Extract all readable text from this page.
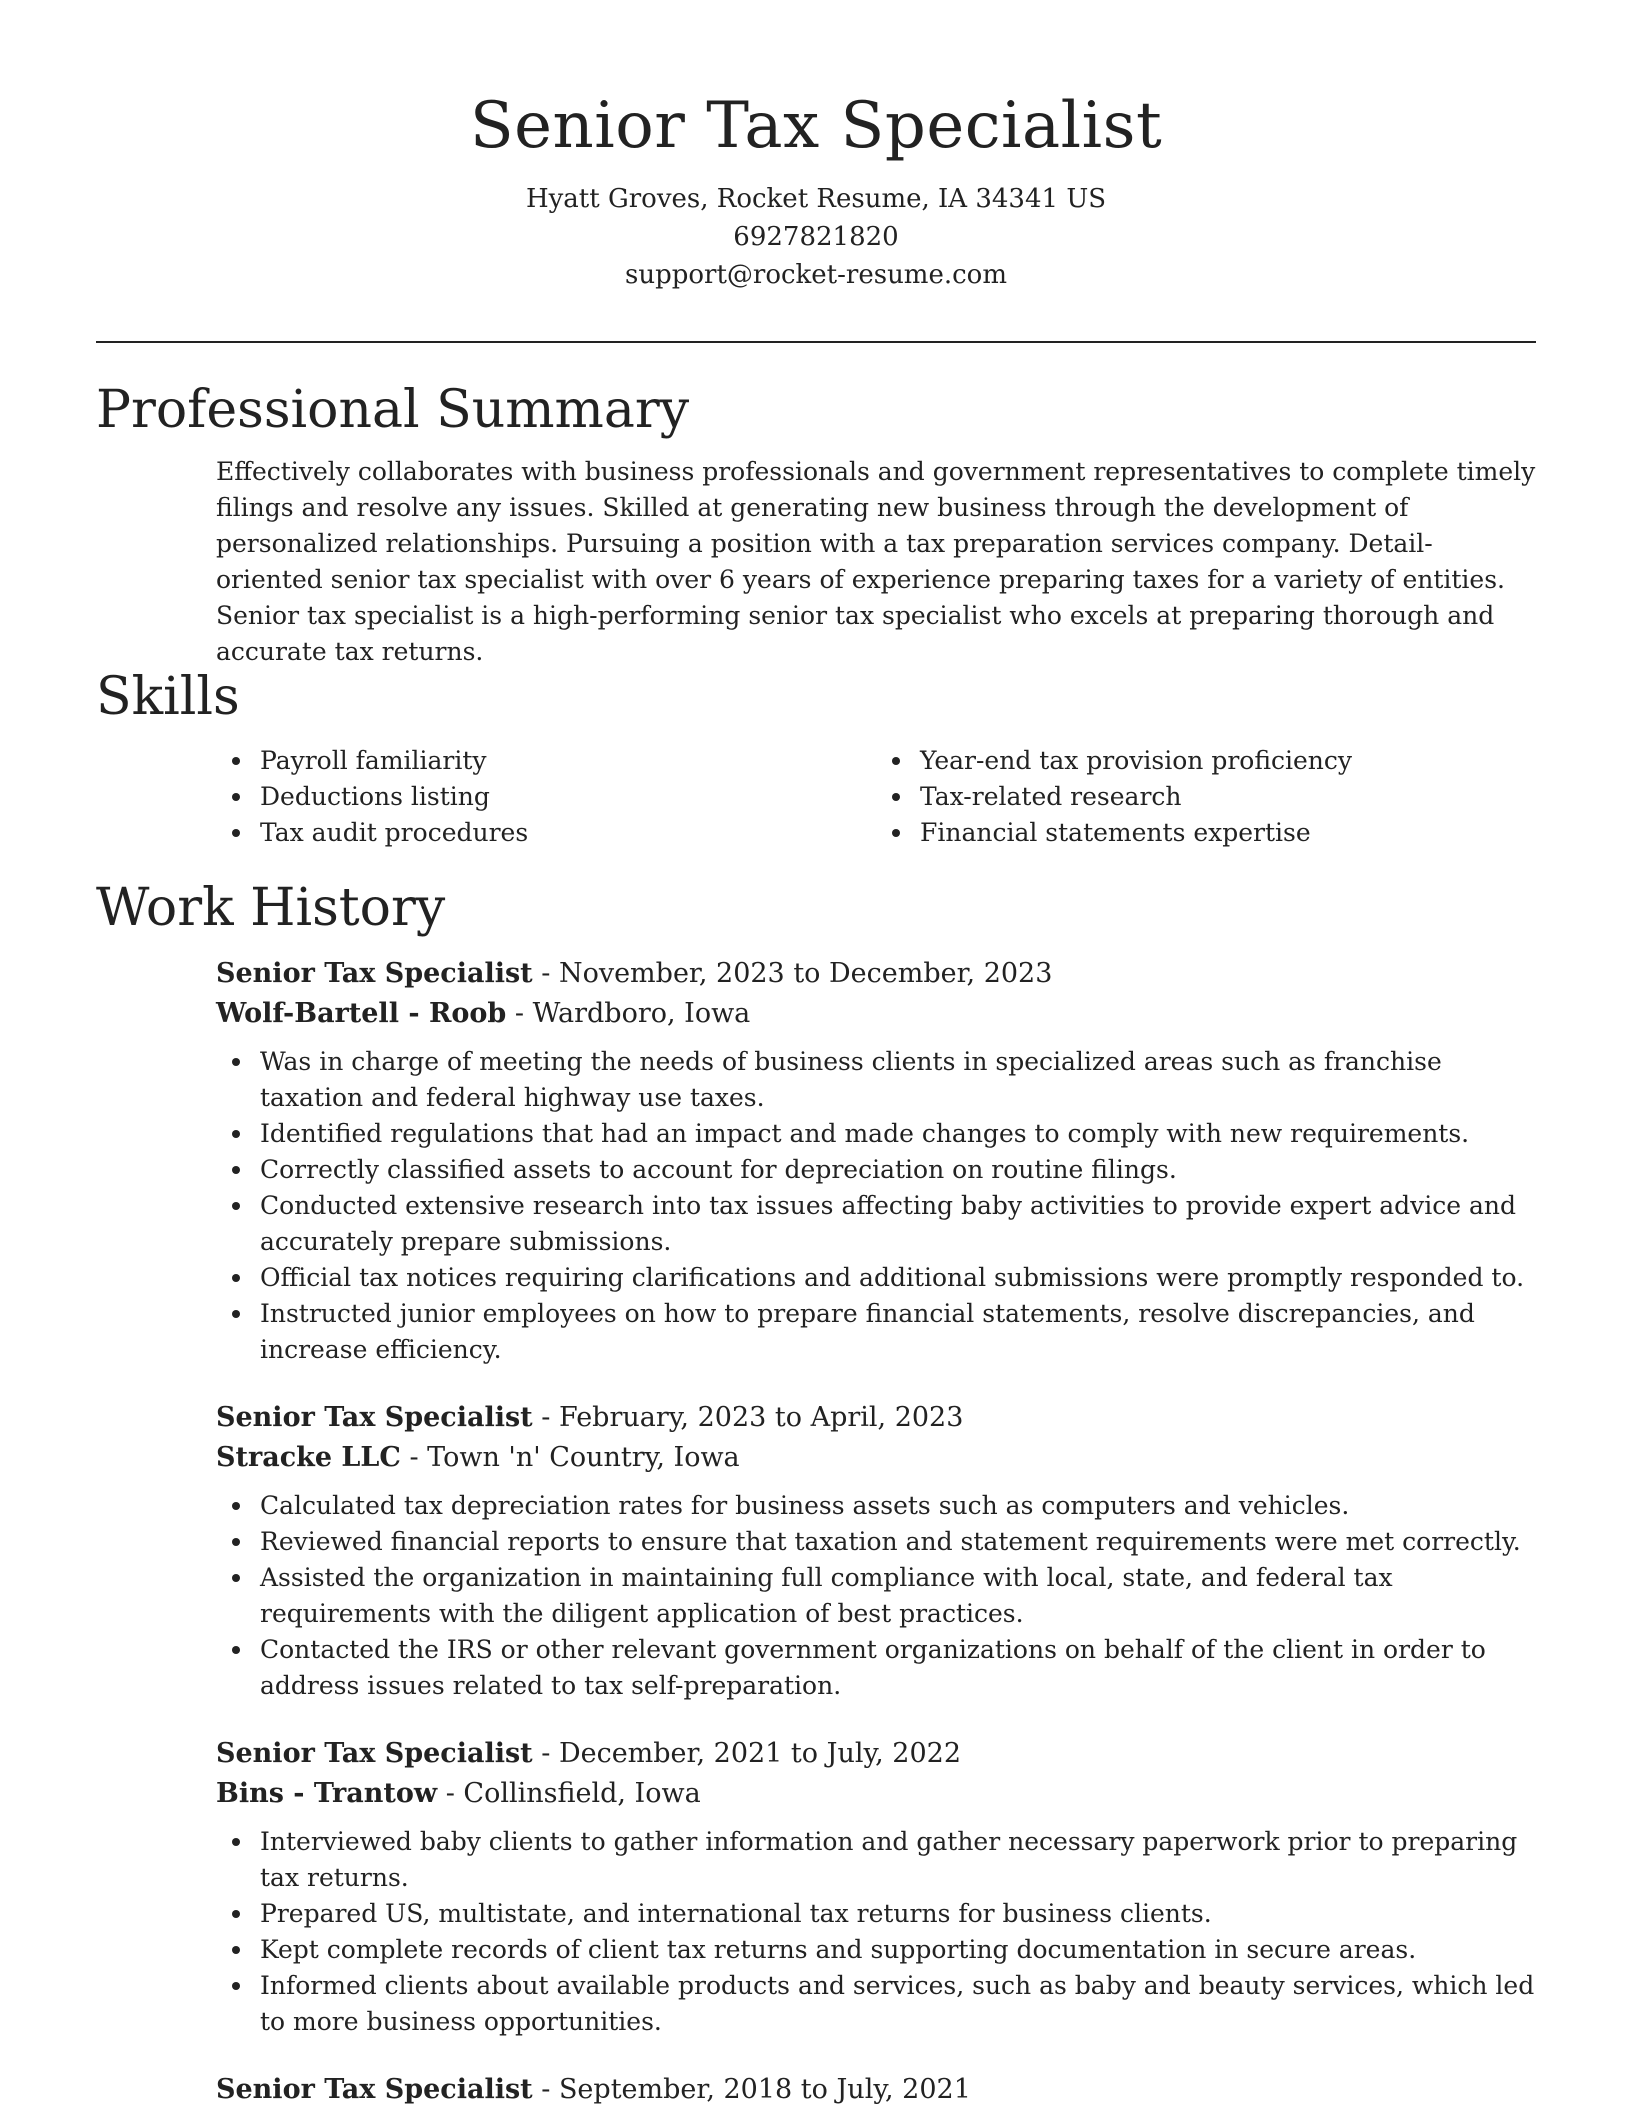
Senior Tax Specialist
Hyatt Groves, Rocket Resume, IA 34341 US
6927821820
support@rocket-resume.com
Professional Summary

Effectively collaborates with business professionals and government representatives to complete timely filings and resolve any issues. Skilled at generating new business through the development of personalized relationships. Pursuing a position with a tax preparation services company. Detail-oriented senior tax specialist with over 6 years of experience preparing taxes for a variety of entities. Senior tax specialist is a high-performing senior tax specialist who excels at preparing thorough and accurate tax returns.

Skills
Payroll familiarity
Deductions listing
Tax audit procedures
Year-end tax provision proficiency
Tax-related research
Financial statements expertise
Work History
Senior Tax Specialist - November, 2023 to December, 2023
Wolf-Bartell - Roob - Wardboro, Iowa
Was in charge of meeting the needs of business clients in specialized areas such as franchise taxation and federal highway use taxes.
Identified regulations that had an impact and made changes to comply with new requirements.
Correctly classified assets to account for depreciation on routine filings.
Conducted extensive research into tax issues affecting baby activities to provide expert advice and accurately prepare submissions.
Official tax notices requiring clarifications and additional submissions were promptly responded to.
Instructed junior employees on how to prepare financial statements, resolve discrepancies, and increase efficiency.
Senior Tax Specialist - February, 2023 to April, 2023
Stracke LLC - Town 'n' Country, Iowa
Calculated tax depreciation rates for business assets such as computers and vehicles.
Reviewed financial reports to ensure that taxation and statement requirements were met correctly.
Assisted the organization in maintaining full compliance with local, state, and federal tax requirements with the diligent application of best practices.
Contacted the IRS or other relevant government organizations on behalf of the client in order to address issues related to tax self-preparation.
Senior Tax Specialist - December, 2021 to July, 2022
Bins - Trantow - Collinsfield, Iowa
Interviewed baby clients to gather information and gather necessary paperwork prior to preparing tax returns.
Prepared US, multistate, and international tax returns for business clients.
Kept complete records of client tax returns and supporting documentation in secure areas.
Informed clients about available products and services, such as baby and beauty services, which led to more business opportunities.
Senior Tax Specialist - September, 2018 to July, 2021
